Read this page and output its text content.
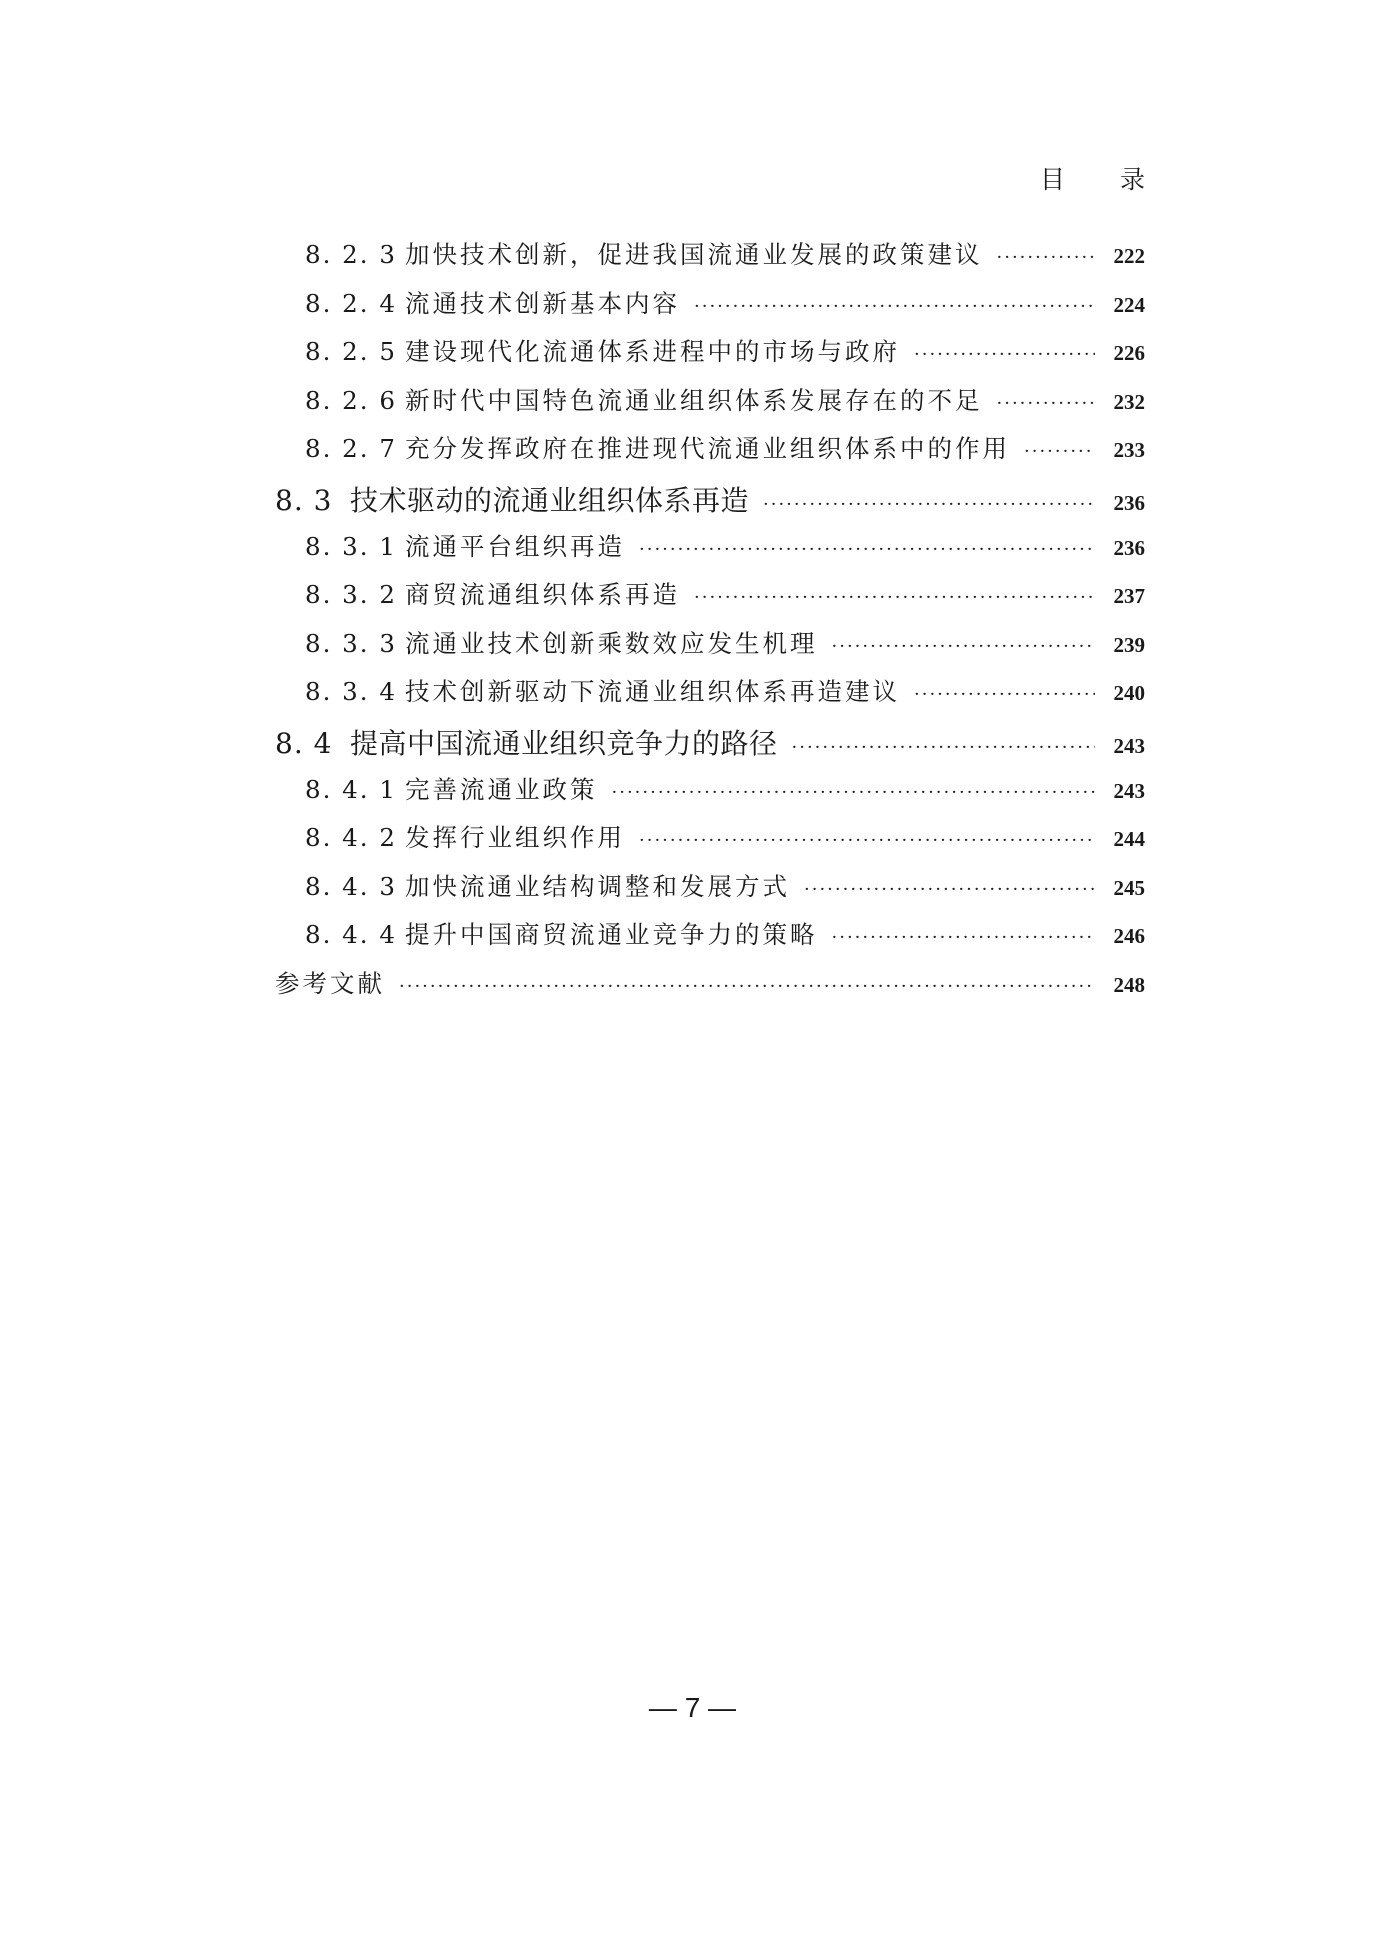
目 录
8. 2. 3 加快技术创新，促进我国流通业发展的政策建议 ·····	222
8. 2. 4 流通技术创新基本内容 ·····	224
8. 2. 5 建设现代化流通体系进程中的市场与政府 ·····	226
8. 2. 6 新时代中国特色流通业组织体系发展存在的不足 ·····	232
8. 2. 7 充分发挥政府在推进现代流通业组织体系中的作用 ·····	233
8. 3 技术驱动的流通业组织体系再造 ·····	236
8. 3. 1 流通平台组织再造 ·····	236
8. 3. 2 商贸流通组织体系再造 ·····	237
8. 3. 3 流通业技术创新乘数效应发生机理 ·····	239
8. 3. 4 技术创新驱动下流通业组织体系再造建议 ·····	240
8. 4 提高中国流通业组织竞争力的路径 ·····	243
8. 4. 1 完善流通业政策 ·····	243
8. 4. 2 发挥行业组织作用 ·····	244
8. 4. 3 加快流通业结构调整和发展方式 ·····	245
8. 4. 4 提升中国商贸流通业竞争力的策略 ·····	246
参考文献 ·····	248
— 7 —
